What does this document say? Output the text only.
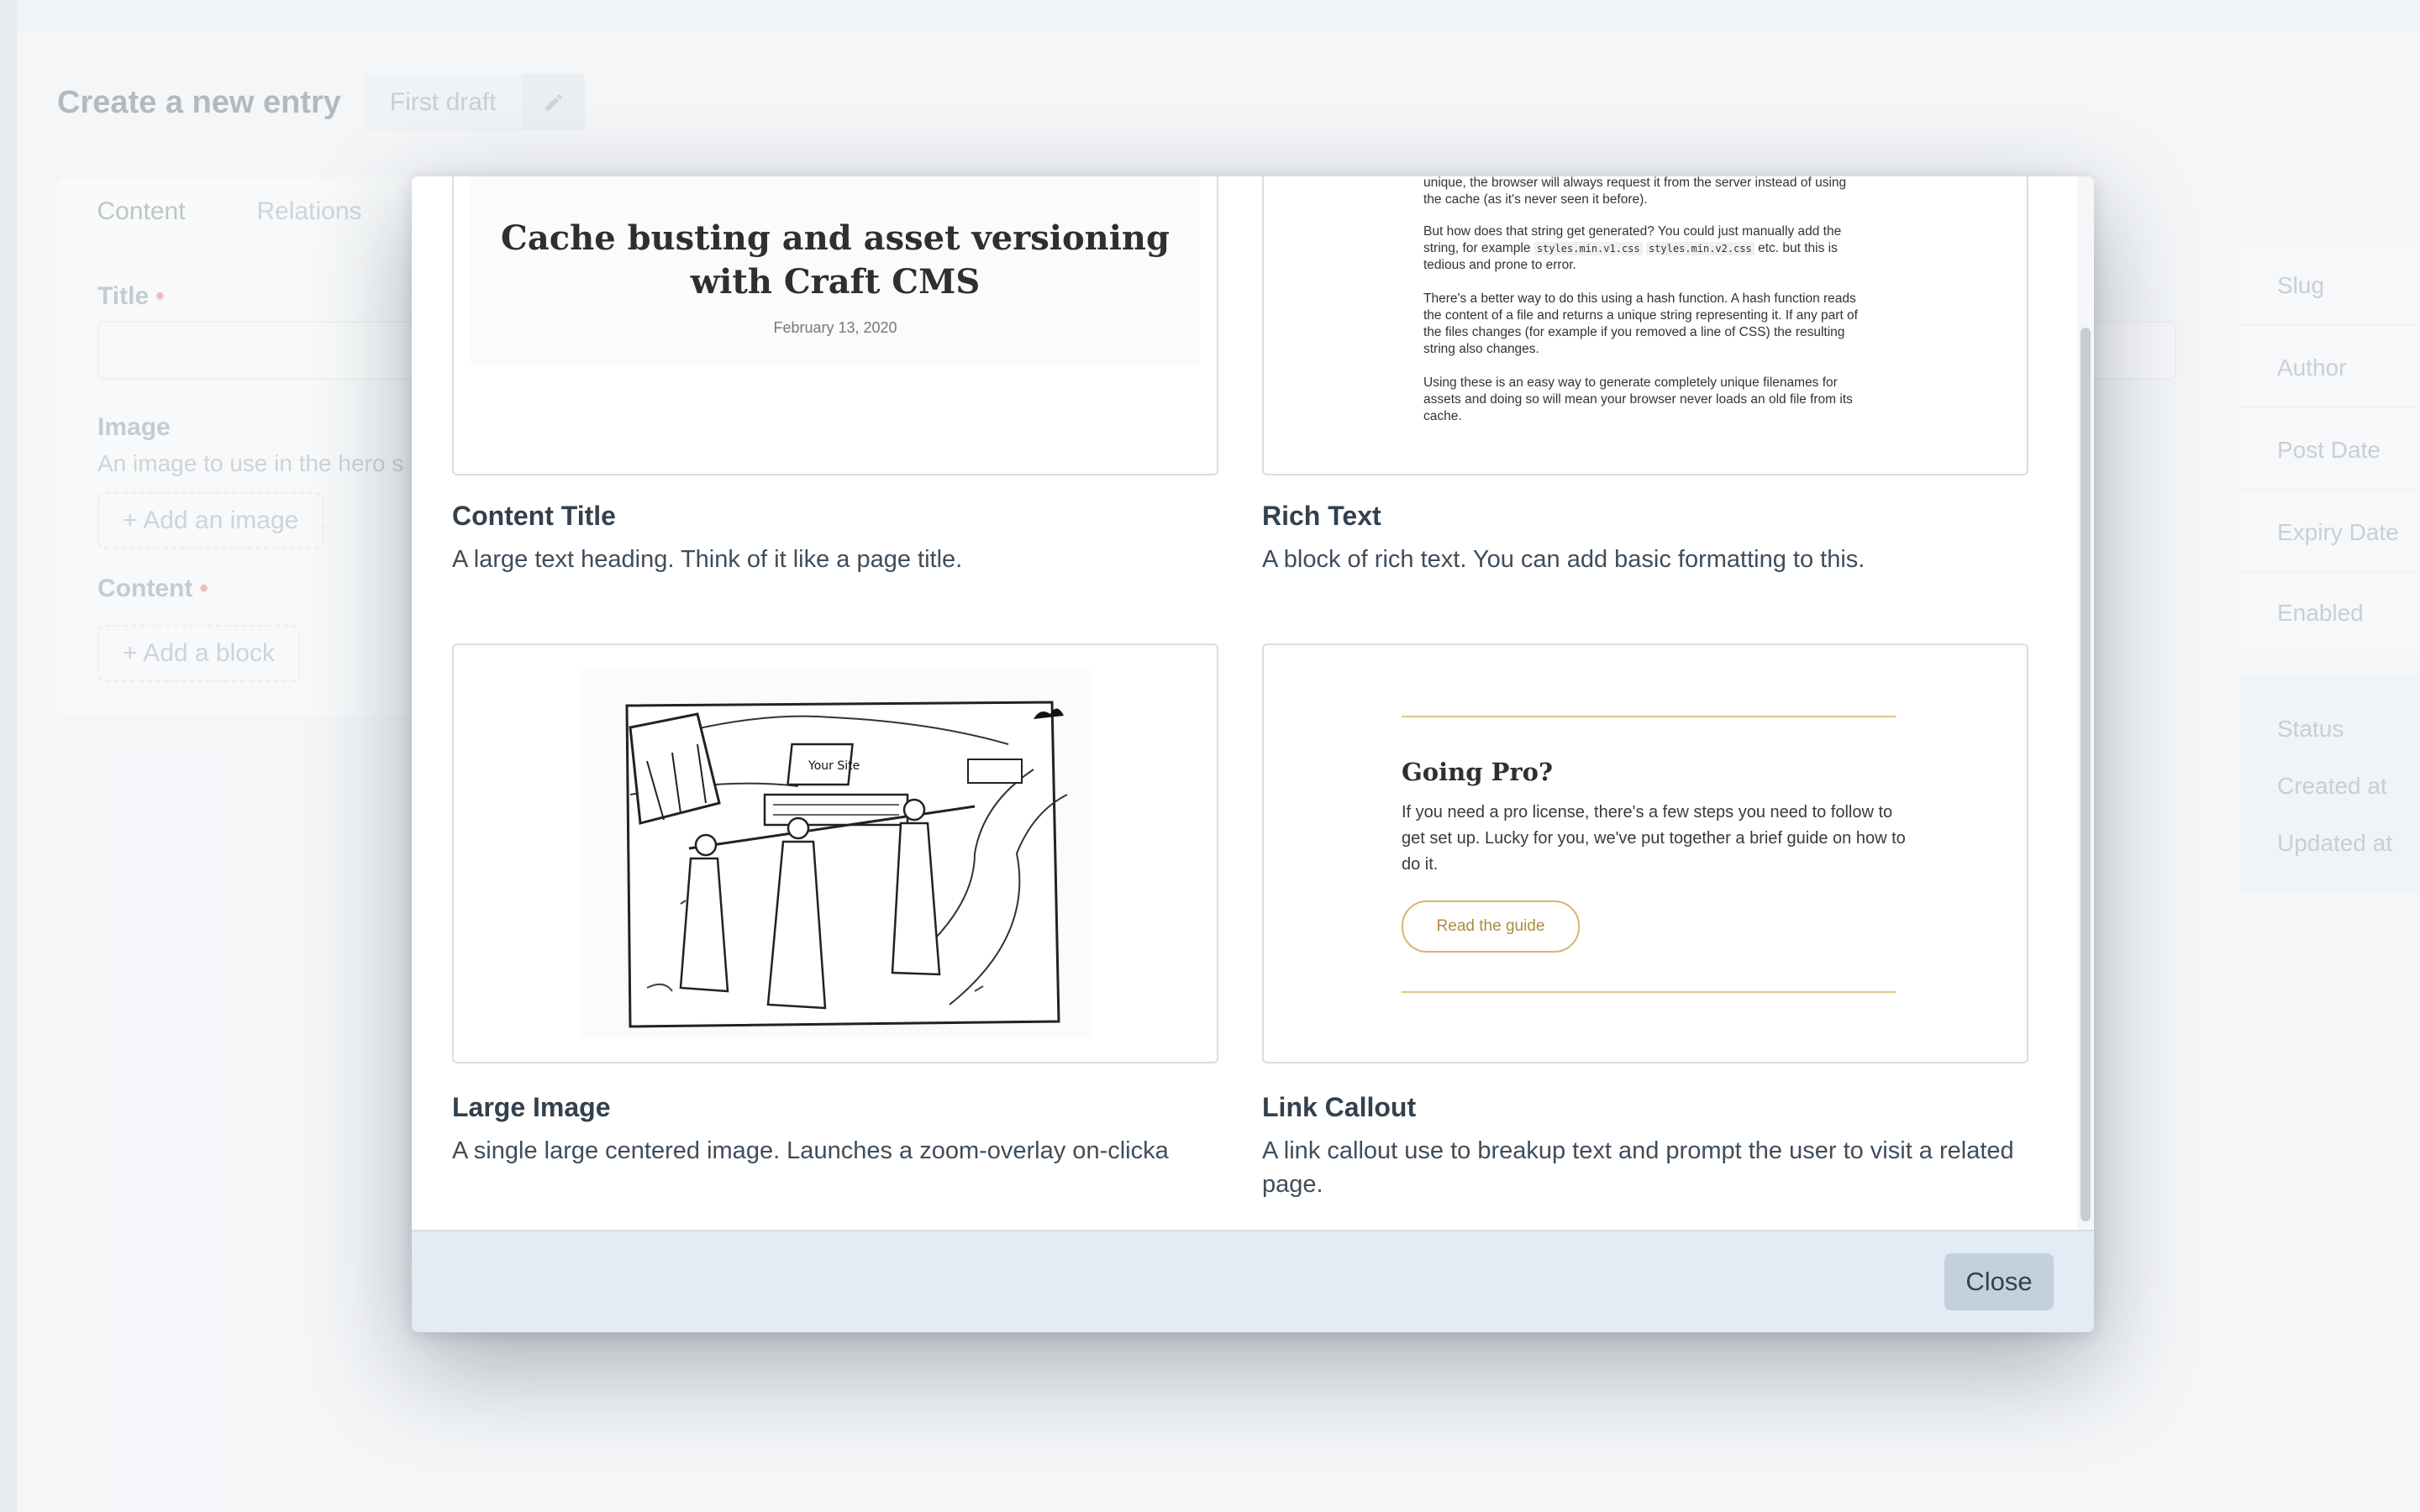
Create a new entry	First draft
Content	Relations
Title •
Image
An image to use in the hero s
+ Add an image
Content •
+ Add a block
Slug
Author
Post Date
Expiry Date
Enabled
Status
Created at
Updated at
Cache busting and asset versioning with Craft CMS
February 13, 2020
Content Title
A large text heading. Think of it like a page title.
unique, the browser will always request it from the server instead of using the cache (as it's never seen it before).
But how does that string get generated? You could just manually add the string, for example styles.min.v1.css styles.min.v2.css etc. but this is tedious and prone to error.
There's a better way to do this using a hash function. A hash function reads the content of a file and returns a unique string representing it. If any part of the files changes (for example if you removed a line of CSS) the resulting string also changes.
Using these is an easy way to generate completely unique filenames for assets and doing so will mean your browser never loads an old file from its cache.
Rich Text
A block of rich text. You can add basic formatting to this.
Your Site
Large Image
A single large centered image. Launches a zoom-overlay on-clicka
Going Pro?
If you need a pro license, there's a few steps you need to follow to get set up. Lucky for you, we've put together a brief guide on how to do it.
Read the guide
Link Callout
A link callout use to breakup text and prompt the user to visit a related page.
Close
